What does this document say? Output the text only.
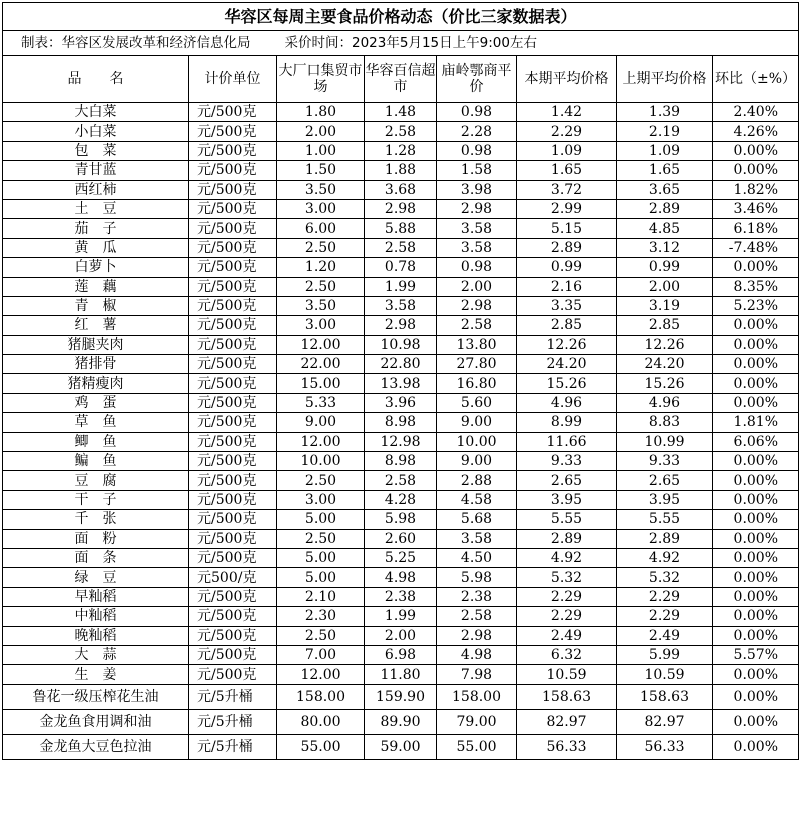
华容区每周主要食品价格动态（价比三家数据表）							
制表：华容区发展改革和经济信息化局 采价时间：2023年5月15日上午9:00左右							
品　　名	计价单位	大厂口集贸市场	华容百信超市	庙岭鄂商平价	本期平均价格	上期平均价格	环比（±%）
大白菜	元/500克	1.80	1.48	0.98	1.42	1.39	2.40%
小白菜	元/500克	2.00	2.58	2.28	2.29	2.19	4.26%
包　菜	元/500克	1.00	1.28	0.98	1.09	1.09	0.00%
青甘蓝	元/500克	1.50	1.88	1.58	1.65	1.65	0.00%
西红柿	元/500克	3.50	3.68	3.98	3.72	3.65	1.82%
土　豆	元/500克	3.00	2.98	2.98	2.99	2.89	3.46%
茄　子	元/500克	6.00	5.88	3.58	5.15	4.85	6.18%
黄　瓜	元/500克	2.50	2.58	3.58	2.89	3.12	-7.48%
白萝卜	元/500克	1.20	0.78	0.98	0.99	0.99	0.00%
莲　藕	元/500克	2.50	1.99	2.00	2.16	2.00	8.35%
青　椒	元/500克	3.50	3.58	2.98	3.35	3.19	5.23%
红　薯	元/500克	3.00	2.98	2.58	2.85	2.85	0.00%
猪腿夹肉	元/500克	12.00	10.98	13.80	12.26	12.26	0.00%
猪排骨	元/500克	22.00	22.80	27.80	24.20	24.20	0.00%
猪精瘦肉	元/500克	15.00	13.98	16.80	15.26	15.26	0.00%
鸡　蛋	元/500克	5.33	3.96	5.60	4.96	4.96	0.00%
草　鱼	元/500克	9.00	8.98	9.00	8.99	8.83	1.81%
鲫　鱼	元/500克	12.00	12.98	10.00	11.66	10.99	6.06%
鳊　鱼	元/500克	10.00	8.98	9.00	9.33	9.33	0.00%
豆　腐	元/500克	2.50	2.58	2.88	2.65	2.65	0.00%
干　子	元/500克	3.00	4.28	4.58	3.95	3.95	0.00%
千　张	元/500克	5.00	5.98	5.68	5.55	5.55	0.00%
面　粉	元/500克	2.50	2.60	3.58	2.89	2.89	0.00%
面　条	元/500克	5.00	5.25	4.50	4.92	4.92	0.00%
绿　豆	元500/克	5.00	4.98	5.98	5.32	5.32	0.00%
早籼稻	元/500克	2.10	2.38	2.38	2.29	2.29	0.00%
中籼稻	元/500克	2.30	1.99	2.58	2.29	2.29	0.00%
晚籼稻	元/500克	2.50	2.00	2.98	2.49	2.49	0.00%
大　蒜	元/500克	7.00	6.98	4.98	6.32	5.99	5.57%
生　姜	元/500克	12.00	11.80	7.98	10.59	10.59	0.00%
鲁花一级压榨花生油	元/5升桶	158.00	159.90	158.00	158.63	158.63	0.00%
金龙鱼食用调和油	元/5升桶	80.00	89.90	79.00	82.97	82.97	0.00%
金龙鱼大豆色拉油	元/5升桶	55.00	59.00	55.00	56.33	56.33	0.00%
